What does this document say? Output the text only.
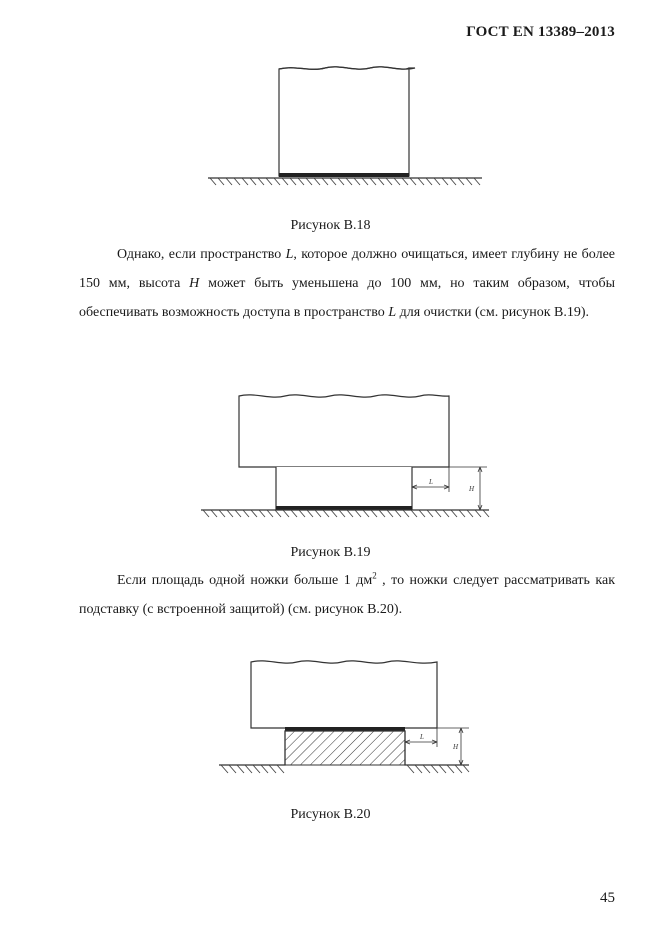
ГОСТ EN 13389–2013
Рисунок В.18

Однако, если пространство L, которое должно очищаться, имеет глубину не более 150 мм, высота H может быть уменьшена до 100 мм, но таким образом, чтобы обеспечивать возможность доступа в пространство L для очистки (см. рисунок В.19).

L
H
Рисунок В.19

Если площадь одной ножки больше 1 $дм^2$ , то ножки следует рассматривать как подставку (с встроенной защитой) (см. рисунок В.20).

L
H
Рисунок В.20
45
